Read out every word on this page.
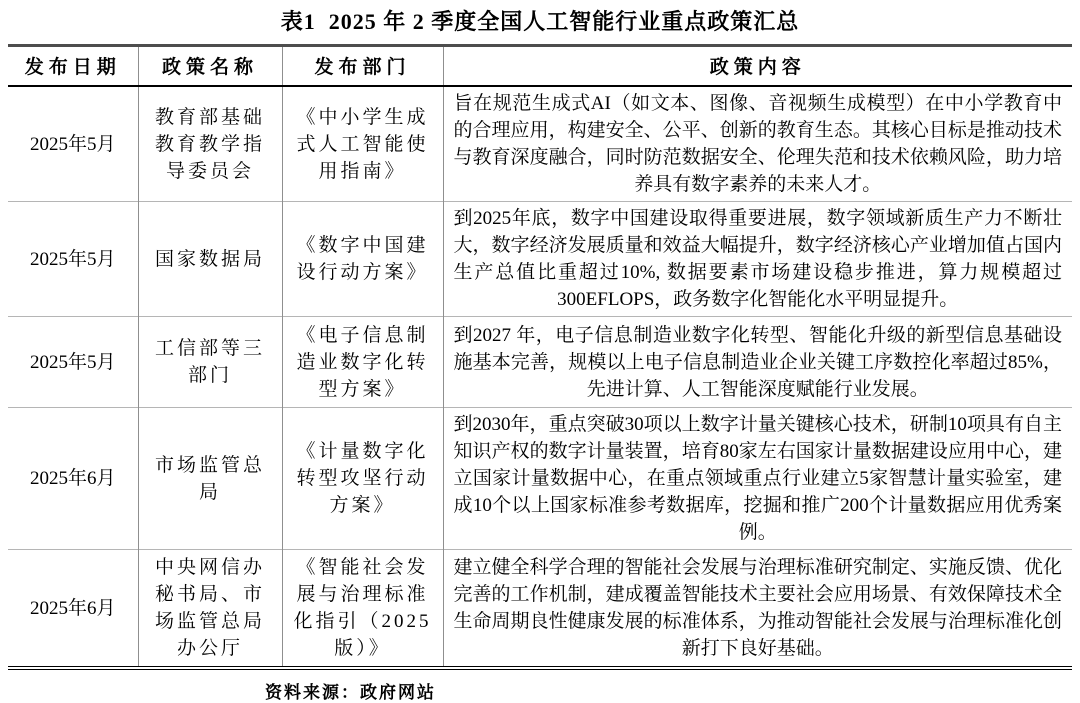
表1  2025 年 2 季度全国人工智能行业重点政策汇总
发布日期	政策名称	发布部门	政策内容
2025年5月	教育部基础教育教学指导委员会	《中小学生成式人工智能使用指南》	旨在规范生成式AI（如文本、图像、音视频生成模型）在中小学教育中的合理应用，构建安全、公平、创新的教育生态。其核心目标是推动技术与教育深度融合，同时防范数据安全、伦理失范和技术依赖风险，助力培养具有数字素养的未来人才。
2025年5月	国家数据局	《数字中国建设行动方案》	到2025年底，数字中国建设取得重要进展，数字领域新质生产力不断壮大，数字经济发展质量和效益大幅提升，数字经济核心产业增加值占国内生产总值比重超过10%, 数据要素市场建设稳步推进，算力规模超过300EFLOPS，政务数字化智能化水平明显提升。
2025年5月	工信部等三部门	《电子信息制造业数字化转型方案》	到2027 年，电子信息制造业数字化转型、智能化升级的新型信息基础设施基本完善，规模以上电子信息制造业企业关键工序数控化率超过85%，先进计算、人工智能深度赋能行业发展。
2025年6月	市场监管总局	《计量数字化转型攻坚行动方案》	到2030年，重点突破30项以上数字计量关键核心技术，研制10项具有自主知识产权的数字计量装置，培育80家左右国家计量数据建设应用中心，建立国家计量数据中心，在重点领域重点行业建立5家智慧计量实验室，建成10个以上国家标准参考数据库，挖掘和推广200个计量数据应用优秀案例。
2025年6月	中央网信办秘书局、市场监管总局办公厅	《智能社会发展与治理标准化指引（2025版）》	建立健全科学合理的智能社会发展与治理标准研究制定、实施反馈、优化完善的工作机制，建成覆盖智能技术主要社会应用场景、有效保障技术全生命周期良性健康发展的标准体系，为推动智能社会发展与治理标准化创新打下良好基础。
资料来源：政府网站
